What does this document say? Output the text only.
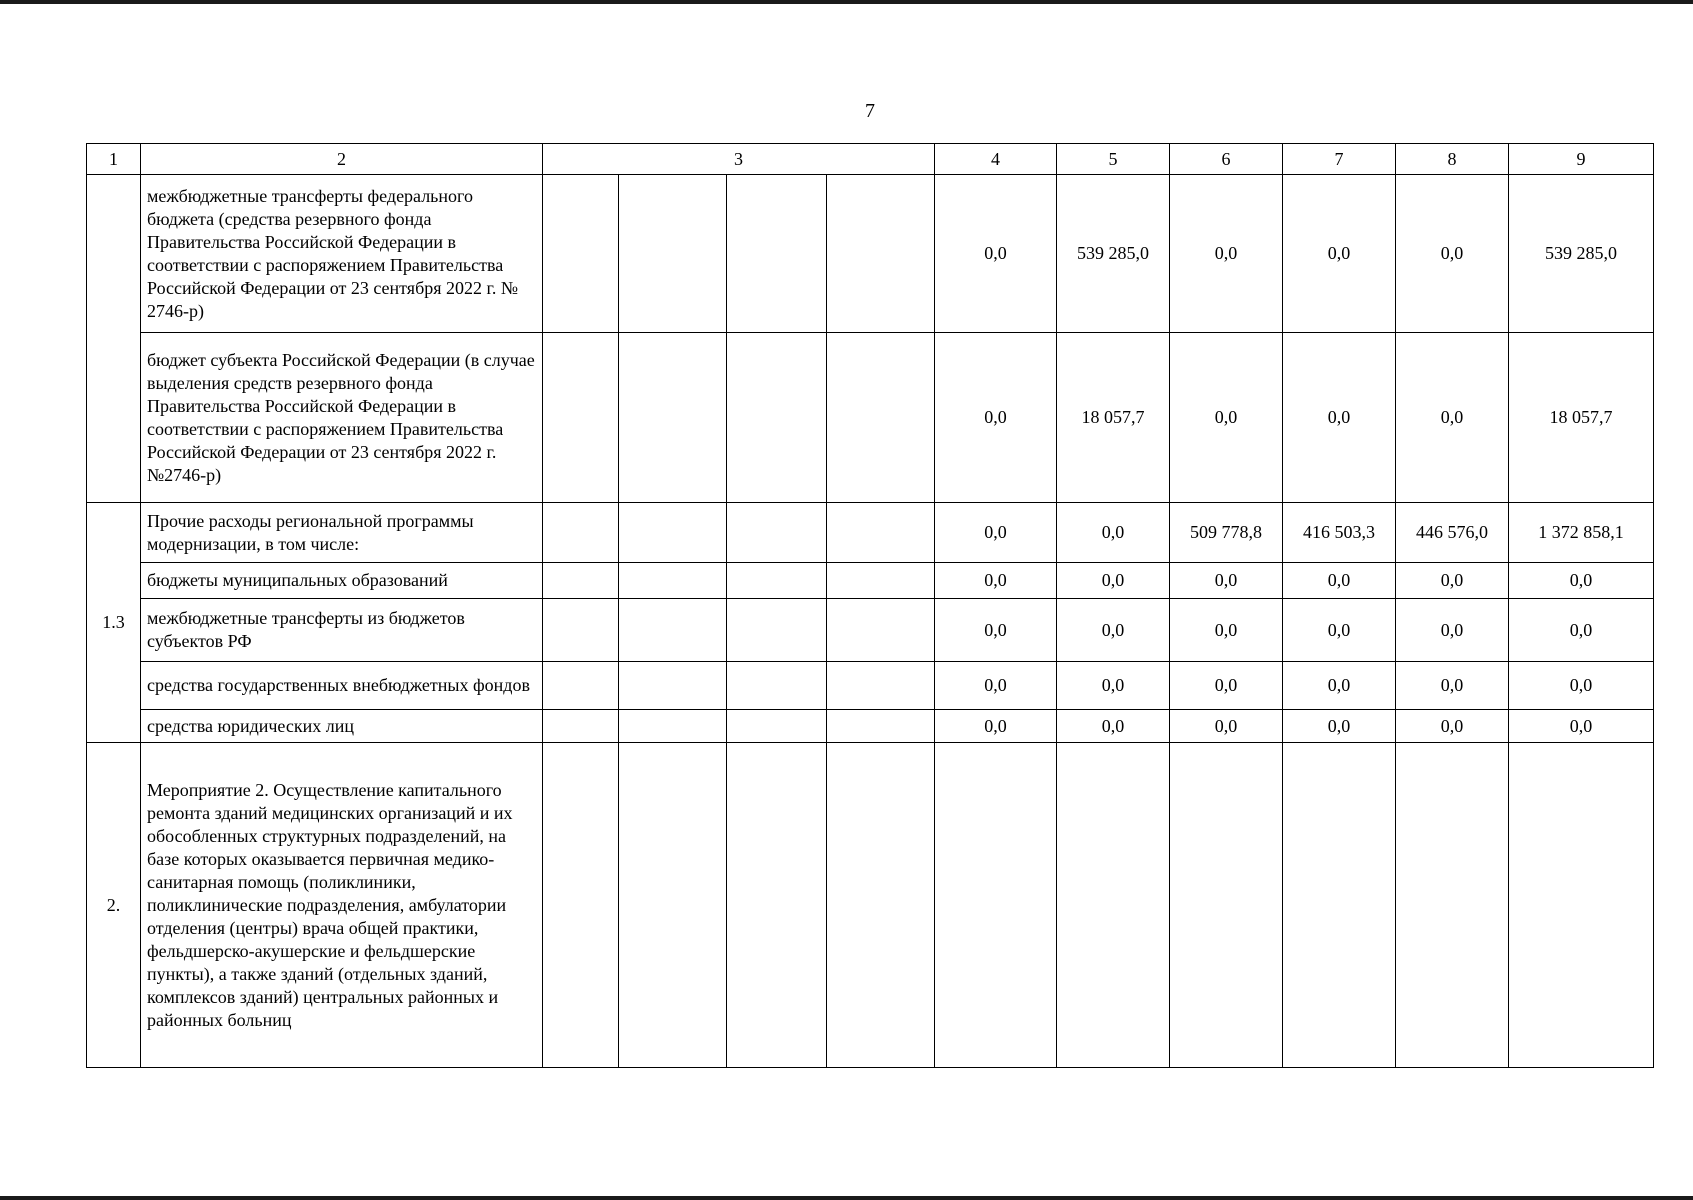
7
1	2	3				4	5	6	7	8	9
	межбюджетные трансферты федерального бюджета (средства резервного фонда Правительства Российской Федерации в соответствии с распоряжением Правительства Российской Федерации от 23 сентября 2022 г. № 2746-р)					0,0	539 285,0	0,0	0,0	0,0	539 285,0
	бюджет субъекта Российской Федерации (в случае выделения средств резервного фонда Правительства Российской Федерации в соответствии с распоряжением Правительства Российской Федерации от 23 сентября 2022 г. №2746-р)					0,0	18 057,7	0,0	0,0	0,0	18 057,7
1.3	Прочие расходы региональной программы модернизации, в том числе:					0,0	0,0	509 778,8	416 503,3	446 576,0	1 372 858,1
	бюджеты муниципальных образований					0,0	0,0	0,0	0,0	0,0	0,0
	межбюджетные трансферты из бюджетов субъектов РФ					0,0	0,0	0,0	0,0	0,0	0,0
	средства государственных внебюджетных фондов					0,0	0,0	0,0	0,0	0,0	0,0
	средства юридических лиц					0,0	0,0	0,0	0,0	0,0	0,0
2.	Мероприятие 2. Осуществление капитального ремонта зданий медицинских организаций и их обособленных структурных подразделений, на базе которых оказывается первичная медико-санитарная помощь (поликлиники, поликлинические подразделения, амбулатории отделения (центры) врача общей практики, фельдшерско-акушерские и фельдшерские пункты), а также зданий (отдельных зданий, комплексов зданий) центральных районных и районных больниц										
